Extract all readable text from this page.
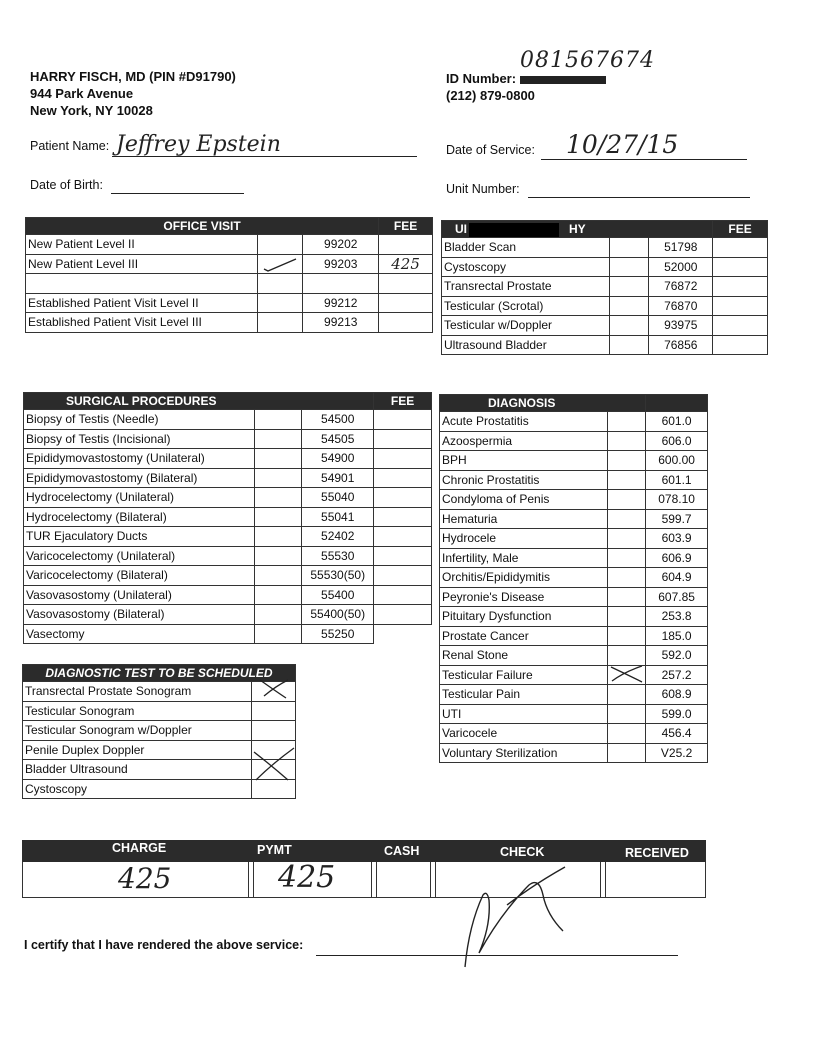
HARRY FISCH, MD (PIN #D91790)
944 Park Avenue
New York, NY 10028
081567674
ID Number:
(212) 879-0800
Patient Name: Jeffrey Epstein	Date of Service: 10/27/15
Date of Birth:	Unit Number:
OFFICE VISIT			FEE
New Patient Level II		99202	
New Patient Level III		99203	425

Established Patient Visit Level II		99212	
Established Patient Visit Level III		99213	
UI HY			FEE
Bladder Scan		51798	
Cystoscopy		52000	
Transrectal Prostate		76872	
Testicular (Scrotal)		76870	
Testicular w/Doppler		93975	
Ultrasound Bladder		76856	
SURGICAL PROCEDURES			FEE
Biopsy of Testis (Needle)		54500	
Biopsy of Testis (Incisional)		54505	
Epididymovastostomy (Unilateral)		54900	
Epididymovastostomy (Bilateral)		54901	
Hydrocelectomy (Unilateral)		55040	
Hydrocelectomy (Bilateral)		55041	
TUR Ejaculatory Ducts		52402	
Varicocelectomy (Unilateral)		55530	
Varicocelectomy (Bilateral)		55530(50)	
Vasovasostomy (Unilateral)		55400	
Vasovasostomy (Bilateral)		55400(50)	
Vasectomy		55250	
DIAGNOSIS		
Acute Prostatitis		601.0
Azoospermia		606.0
BPH		600.00
Chronic Prostatitis		601.1
Condyloma of Penis		078.10
Hematuria		599.7
Hydrocele		603.9
Infertility, Male		606.9
Orchitis/Epididymitis		604.9
Peyronie's Disease		607.85
Pituitary Dysfunction		253.8
Prostate Cancer		185.0
Renal Stone		592.0
Testicular Failure		257.2
Testicular Pain		608.9
UTI		599.0
Varicocele		456.4
Voluntary Sterilization		V25.2
DIAGNOSTIC TEST TO BE SCHEDULED	
Transrectal Prostate Sonogram	

Testicular Sonogram	
Testicular Sonogram w/Doppler	
Penile Duplex Doppler	
Bladder Ultrasound	

Cystoscopy	
CHARGE	PYMT	CASH	CHECK	RECEIVED
425	425
I certify that I have rendered the above service:
